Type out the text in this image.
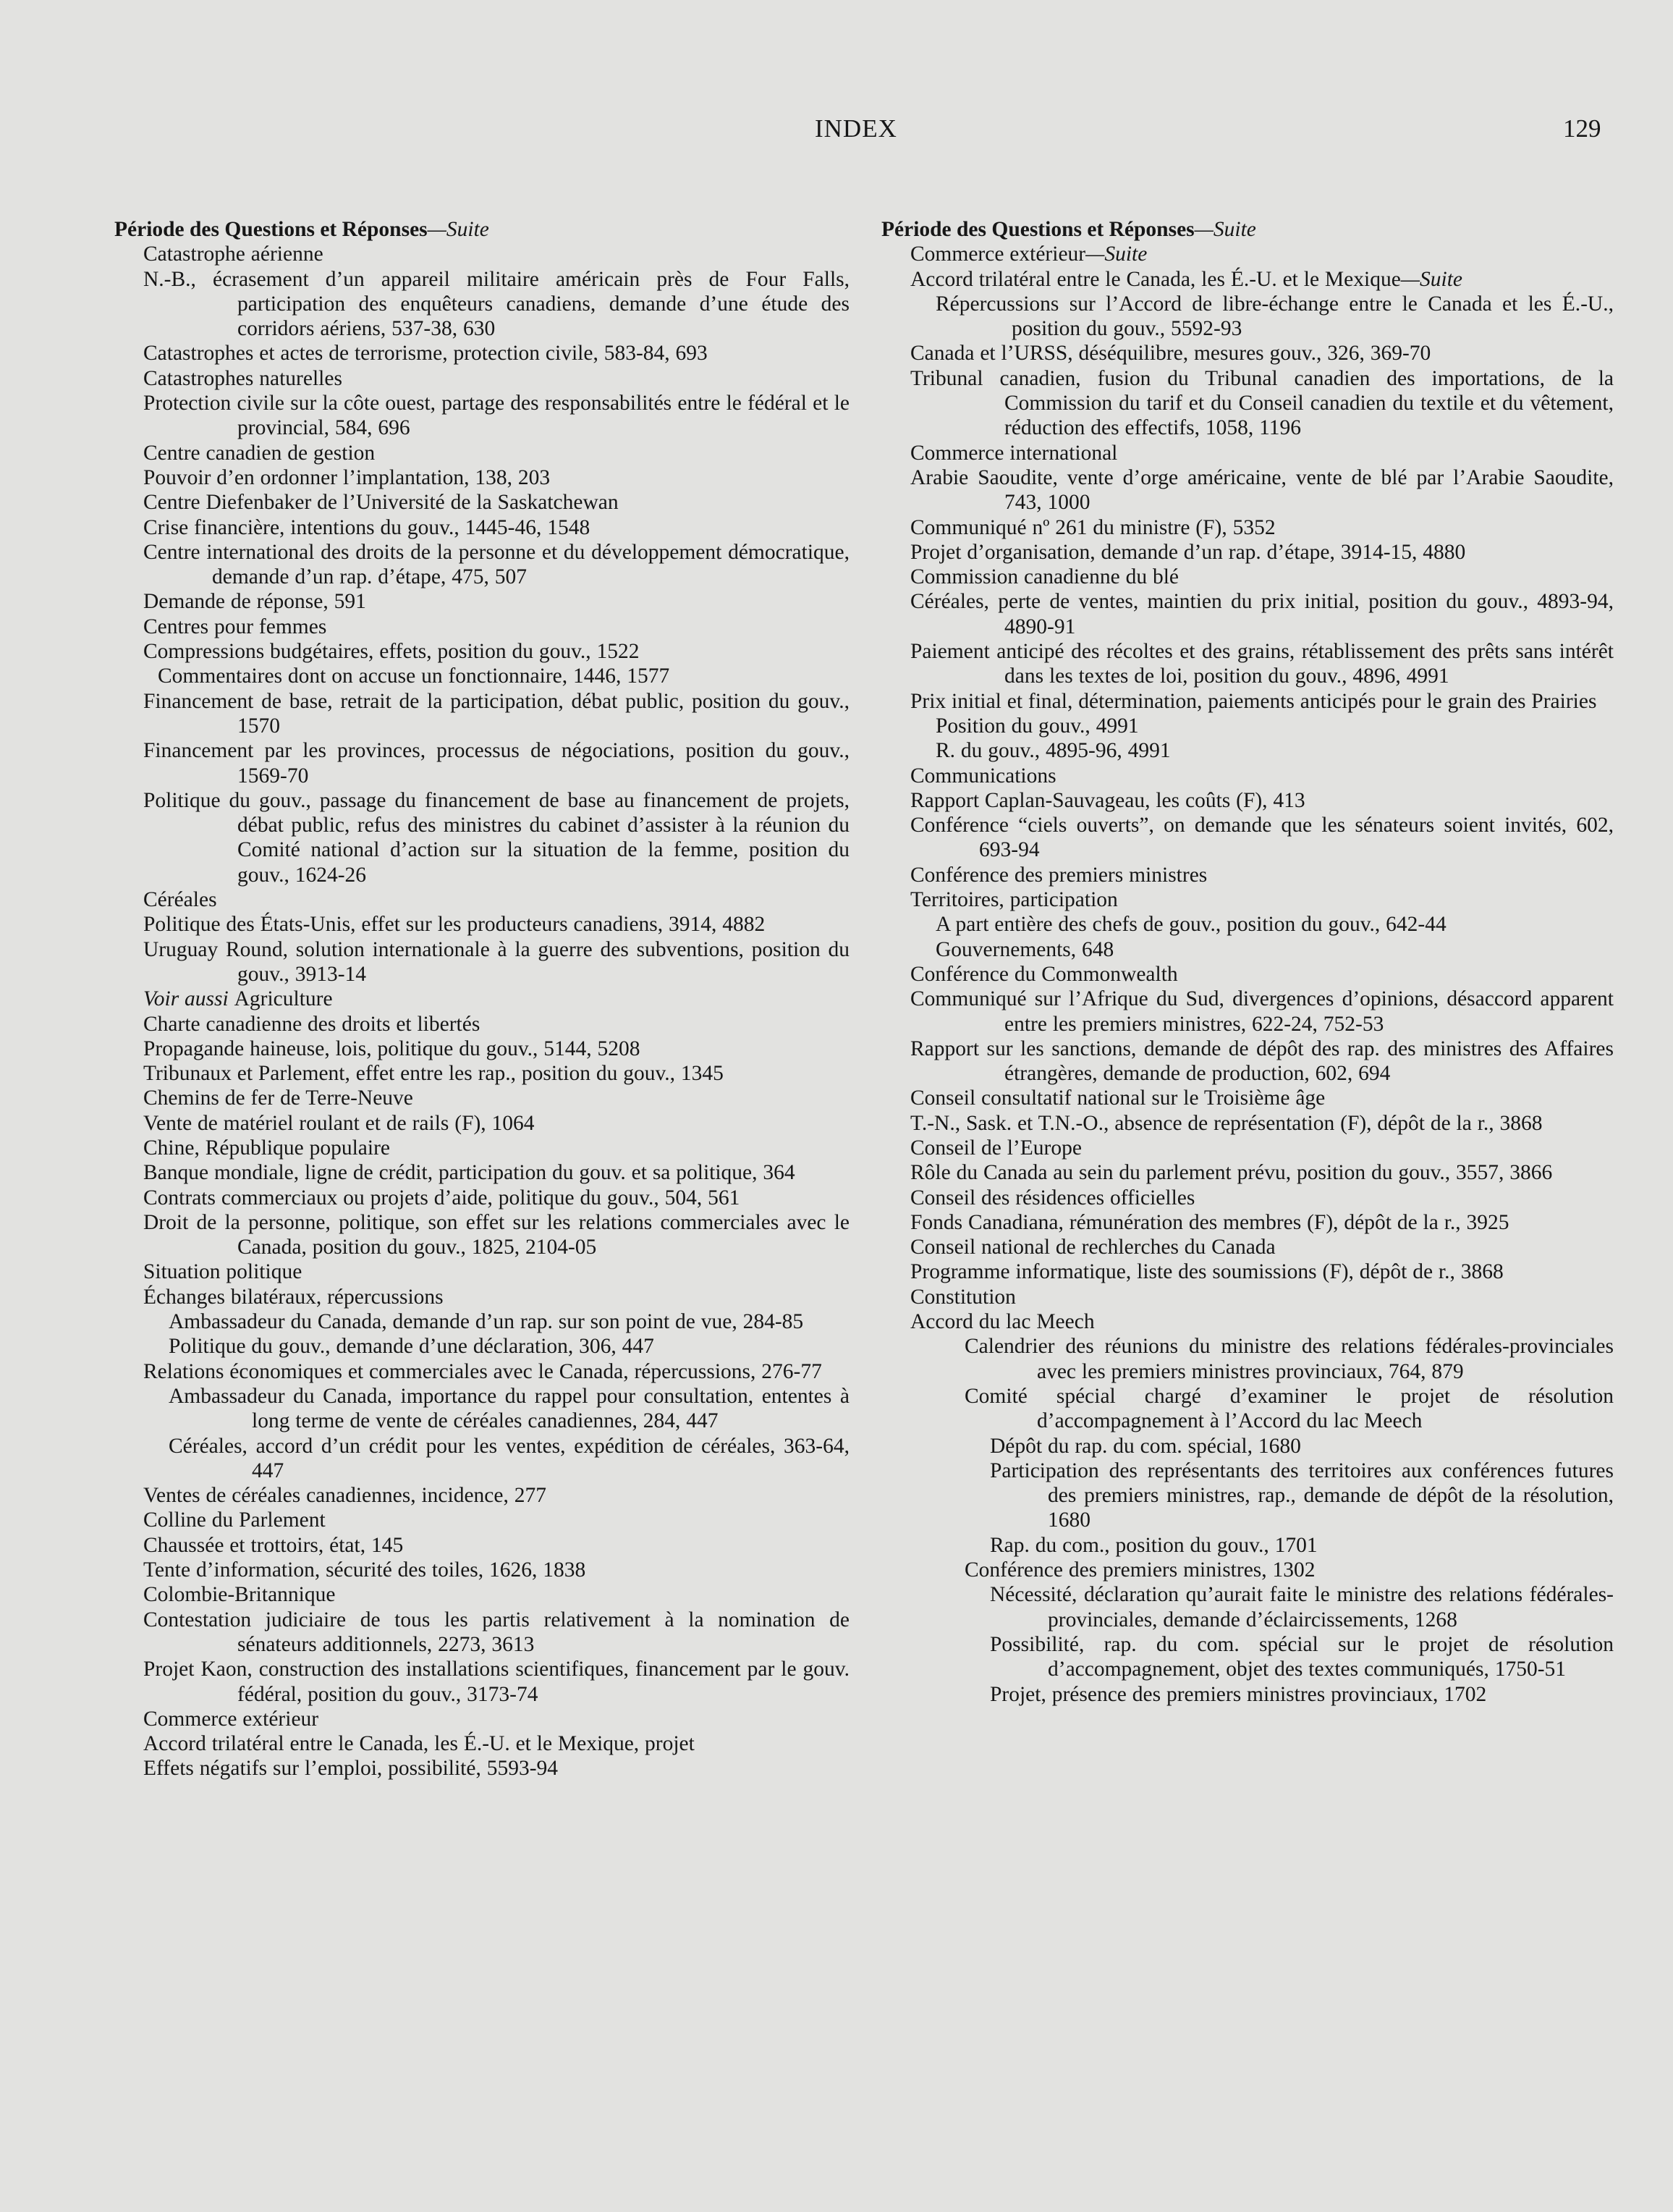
INDEX	129
Période des Questions et Réponses—Suite
Catastrophe aérienne
N.-B., écrasement d’un appareil militaire américain près de Four Falls, participation des enquêteurs canadiens, demande d’une étude des corridors aériens, 537-38, 630
Catastrophes et actes de terrorisme, protection civile, 583-84, 693
Catastrophes naturelles
Protection civile sur la côte ouest, partage des responsabilités entre le fédéral et le provincial, 584, 696
Centre canadien de gestion
Pouvoir d’en ordonner l’implantation, 138, 203
Centre Diefenbaker de l’Université de la Saskatchewan
Crise financière, intentions du gouv., 1445-46, 1548
Centre international des droits de la personne et du développement démocratique, demande d’un rap. d’étape, 475, 507
Demande de réponse, 591
Centres pour femmes
Compressions budgétaires, effets, position du gouv., 1522
Commentaires dont on accuse un fonctionnaire, 1446, 1577
Financement de base, retrait de la participation, débat public, position du gouv., 1570
Financement par les provinces, processus de négociations, position du gouv., 1569-70
Politique du gouv., passage du financement de base au financement de projets, débat public, refus des ministres du cabinet d’assister à la réunion du Comité national d’action sur la situation de la femme, position du gouv., 1624-26
Céréales
Politique des États-Unis, effet sur les producteurs canadiens, 3914, 4882
Uruguay Round, solution internationale à la guerre des subventions, position du gouv., 3913-14
Voir aussi Agriculture
Charte canadienne des droits et libertés
Propagande haineuse, lois, politique du gouv., 5144, 5208
Tribunaux et Parlement, effet entre les rap., position du gouv., 1345
Chemins de fer de Terre-Neuve
Vente de matériel roulant et de rails (F), 1064
Chine, République populaire
Banque mondiale, ligne de crédit, participation du gouv. et sa politique, 364
Contrats commerciaux ou projets d’aide, politique du gouv., 504, 561
Droit de la personne, politique, son effet sur les relations commerciales avec le Canada, position du gouv., 1825, 2104-05
Situation politique
Échanges bilatéraux, répercussions
Ambassadeur du Canada, demande d’un rap. sur son point de vue, 284-85
Politique du gouv., demande d’une déclaration, 306, 447
Relations économiques et commerciales avec le Canada, répercussions, 276-77
Ambassadeur du Canada, importance du rappel pour consultation, ententes à long terme de vente de céréales canadiennes, 284, 447
Céréales, accord d’un crédit pour les ventes, expédition de céréales, 363-64, 447
Ventes de céréales canadiennes, incidence, 277
Colline du Parlement
Chaussée et trottoirs, état, 145
Tente d’information, sécurité des toiles, 1626, 1838
Colombie-Britannique
Contestation judiciaire de tous les partis relativement à la nomination de sénateurs additionnels, 2273, 3613
Projet Kaon, construction des installations scientifiques, financement par le gouv. fédéral, position du gouv., 3173-74
Commerce extérieur
Accord trilatéral entre le Canada, les É.-U. et le Mexique, projet
Effets négatifs sur l’emploi, possibilité, 5593-94
Période des Questions et Réponses—Suite
Commerce extérieur—Suite
Accord trilatéral entre le Canada, les É.-U. et le Mexique—Suite
Répercussions sur l’Accord de libre-échange entre le Canada et les É.-U., position du gouv., 5592-93
Canada et l’URSS, déséquilibre, mesures gouv., 326, 369-70
Tribunal canadien, fusion du Tribunal canadien des importations, de la Commission du tarif et du Conseil canadien du textile et du vêtement, réduction des effectifs, 1058, 1196
Commerce international
Arabie Saoudite, vente d’orge américaine, vente de blé par l’Arabie Saoudite, 743, 1000
Communiqué nº 261 du ministre (F), 5352
Projet d’organisation, demande d’un rap. d’étape, 3914-15, 4880
Commission canadienne du blé
Céréales, perte de ventes, maintien du prix initial, position du gouv., 4893-94, 4890-91
Paiement anticipé des récoltes et des grains, rétablissement des prêts sans intérêt dans les textes de loi, position du gouv., 4896, 4991
Prix initial et final, détermination, paiements anticipés pour le grain des Prairies
Position du gouv., 4991
R. du gouv., 4895-96, 4991
Communications
Rapport Caplan-Sauvageau, les coûts (F), 413
Conférence “ciels ouverts”, on demande que les sénateurs soient invités, 602, 693-94
Conférence des premiers ministres
Territoires, participation
A part entière des chefs de gouv., position du gouv., 642-44
Gouvernements, 648
Conférence du Commonwealth
Communiqué sur l’Afrique du Sud, divergences d’opinions, désaccord apparent entre les premiers ministres, 622-24, 752-53
Rapport sur les sanctions, demande de dépôt des rap. des ministres des Affaires étrangères, demande de production, 602, 694
Conseil consultatif national sur le Troisième âge
T.-N., Sask. et T.N.-O., absence de représentation (F), dépôt de la r., 3868
Conseil de l’Europe
Rôle du Canada au sein du parlement prévu, position du gouv., 3557, 3866
Conseil des résidences officielles
Fonds Canadiana, rémunération des membres (F), dépôt de la r., 3925
Conseil national de rechlerches du Canada
Programme informatique, liste des soumissions (F), dépôt de r., 3868
Constitution
Accord du lac Meech
Calendrier des réunions du ministre des relations fédérales-provinciales avec les premiers ministres provinciaux, 764, 879
Comité spécial chargé d’examiner le projet de résolution d’accompagnement à l’Accord du lac Meech
Dépôt du rap. du com. spécial, 1680
Participation des représentants des territoires aux conférences futures des premiers ministres, rap., demande de dépôt de la résolution, 1680
Rap. du com., position du gouv., 1701
Conférence des premiers ministres, 1302
Nécessité, déclaration qu’aurait faite le ministre des relations fédérales-provinciales, demande d’éclaircissements, 1268
Possibilité, rap. du com. spécial sur le projet de résolution d’accompagnement, objet des textes communiqués, 1750-51
Projet, présence des premiers ministres provinciaux, 1702
